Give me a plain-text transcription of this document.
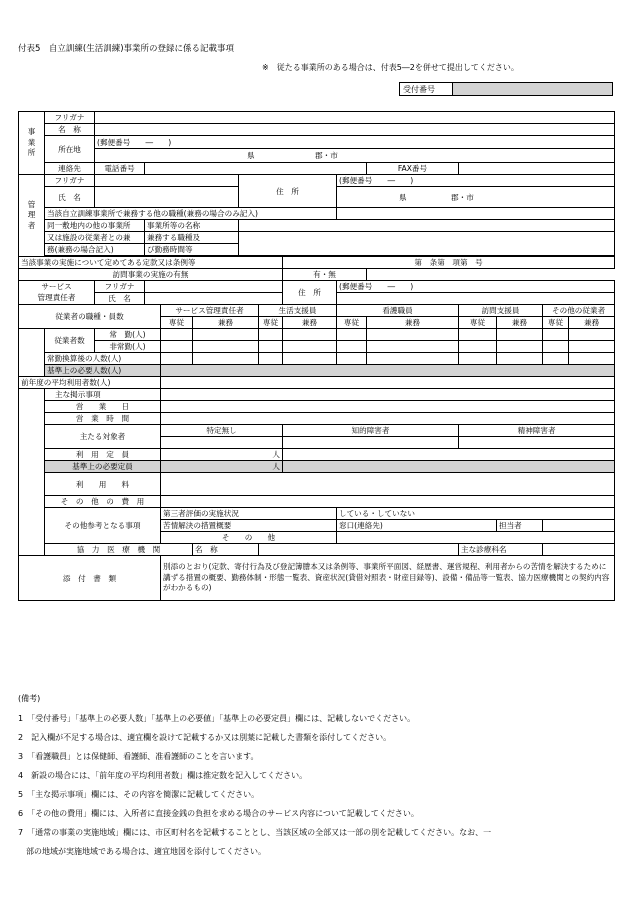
付表5　自立訓練(生活訓練)事業所の登録に係る記載事項
※　従たる事業所のある場合は、付表5―2を併せて提出してください。
受付番号	
事業所	フリガナ													
	名　称													
	所在地	(郵便番号　　―　　)												
		県 郡・市												
	連絡先	電話番号								FAX番号				
管理者	フリガナ					住　所			(郵便番号　　―　　)					
	氏　名								県 郡・市					
	当該自立訓練事業所で兼務する他の職種(兼務の場合のみ記入)													
	同一敷地内の他の事業所		事業所等の名称											
	又は施設の従業者との兼		兼務する職種及											
	務(兼務の場合記入)		び勤務時間等											

当該事業の実施について定めてある定款又は条例等								第　条第　項第　号						
訪問事業の実施の有無								有・無						
サービス
管理責任者		フリガナ						住　所	(郵便番号　　―　　)					
		氏　名												
従業者の職種・員数				サービス管理責任者			生活支援員		看護職員		訪問支援員		その他の従業者	
				専従	兼務		専従	兼務	専従	兼務	専従	兼務	専従	兼務
	従業者数	常　勤(人)												
		非常勤(人)												
	常勤換算後の人数(人)													
	基準上の必要人数(人)													
前年度の平均利用者数(人)														
	主な掲示事項													
	営　　業　　日													
	営　業　時　間													
	主たる対象者			特定無し				知的障害者			精神障害者			

	利　用　定　員			人										
	基準上の必要定員			人										
	利　　用　　料													

	そ　の　他　の　費　用													
	その他参考となる事項			第三者評価の実施状況					している・していない					
				苦情解決の措置概要					窓口(連絡先)			担当者		
				そ　　の　　他										
	協　力　医　療　機　関				名　称						主な診療科名			
添　付　書　類				別添のとおり(定款、寄付行為及び登記簿謄本又は条例等、事業所平面図、経歴書、運営規程、利用者からの苦情を解決するために講ずる措置の概要、勤務体制・形態一覧表、資産状況(貸借対照表・財産目録等)、設備・備品等一覧表、協力医療機関との契約内容がわかるもの)										
(備考)
1　「受付番号」「基準上の必要人数」「基準上の必要値」「基準上の必要定員」欄には、記載しないでください。
2　記入欄が不足する場合は、適宜欄を設けて記載するか又は別葉に記載した書類を添付してください。
3　「看護職員」とは保健師、看護師、准看護師のことを言います。
4　新設の場合には、「前年度の平均利用者数」欄は推定数を記入してください。
5　「主な掲示事項」欄には、その内容を簡潔に記載してください。
6　「その他の費用」欄には、入所者に直接金銭の負担を求める場合のサービス内容について記載してください。
7　「通常の事業の実施地域」欄には、市区町村名を記載することとし、当該区域の全部又は一部の別を記載してください。なお、一
　部の地域が実施地域である場合は、適宜地図を添付してください。
